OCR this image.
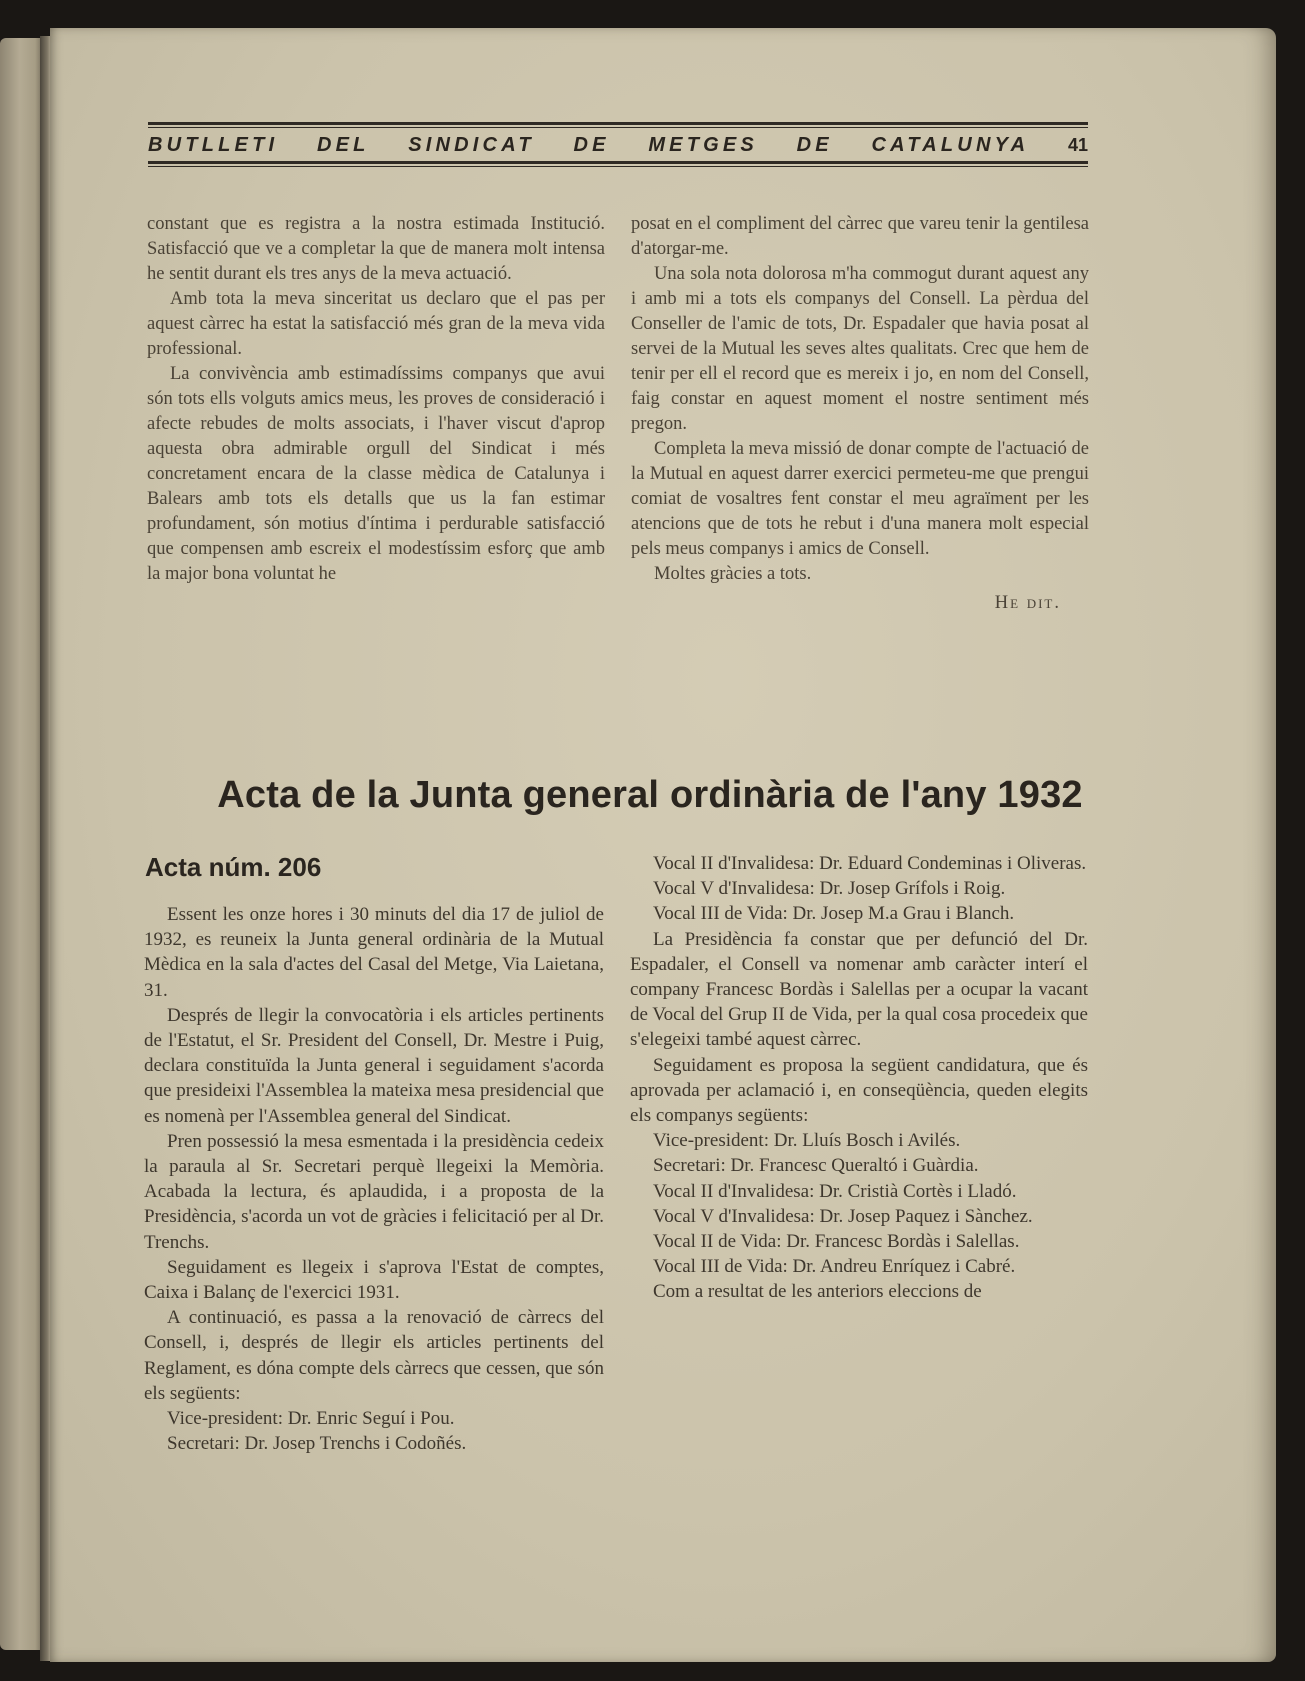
BUTLLETI DEL SINDICAT DE METGES DE CATALUNYA 41

constant que es registra a la nostra estimada Institució. Satisfacció que ve a completar la que de manera molt intensa he sentit durant els tres anys de la meva actuació.

Amb tota la meva sinceritat us declaro que el pas per aquest càrrec ha estat la satisfacció més gran de la meva vida professional.

La convivència amb estimadíssims companys que avui són tots ells volguts amics meus, les proves de consideració i afecte rebudes de molts associats, i l'haver viscut d'aprop aquesta obra admirable orgull del Sindicat i més concretament encara de la classe mèdica de Catalunya i Balears amb tots els detalls que us la fan estimar profundament, són motius d'íntima i perdurable satisfacció que compensen amb escreix el modestíssim esforç que amb la major bona voluntat he

posat en el compliment del càrrec que vareu tenir la gentilesa d'atorgar-me.

Una sola nota dolorosa m'ha commogut durant aquest any i amb mi a tots els companys del Consell. La pèrdua del Conseller de l'amic de tots, Dr. Espadaler que havia posat al servei de la Mutual les seves altes qualitats. Crec que hem de tenir per ell el record que es mereix i jo, en nom del Consell, faig constar en aquest moment el nostre sentiment més pregon.

Completa la meva missió de donar compte de l'actuació de la Mutual en aquest darrer exercici permeteu-me que prengui comiat de vosaltres fent constar el meu agraïment per les atencions que de tots he rebut i d'una manera molt especial pels meus companys i amics de Consell.

Moltes gràcies a tots.

He dit.
Acta de la Junta general ordinària de l'any 1932
Acta núm. 206

Essent les onze hores i 30 minuts del dia 17 de juliol de 1932, es reuneix la Junta general ordinària de la Mutual Mèdica en la sala d'actes del Casal del Metge, Via Laietana, 31.

Després de llegir la convocatòria i els articles pertinents de l'Estatut, el Sr. President del Consell, Dr. Mestre i Puig, declara constituïda la Junta general i seguidament s'acorda que presideixi l'Assemblea la mateixa mesa presidencial que es nomenà per l'Assemblea general del Sindicat.

Pren possessió la mesa esmentada i la presidència cedeix la paraula al Sr. Secretari perquè llegeixi la Memòria. Acabada la lectura, és aplaudida, i a proposta de la Presidència, s'acorda un vot de gràcies i felicitació per al Dr. Trenchs.

Seguidament es llegeix i s'aprova l'Estat de comptes, Caixa i Balanç de l'exercici 1931.

A continuació, es passa a la renovació de càrrecs del Consell, i, després de llegir els articles pertinents del Reglament, es dóna compte dels càrrecs que cessen, que són els següents:

Vice-president: Dr. Enric Seguí i Pou.

Secretari: Dr. Josep Trenchs i Codoñés.

Vocal II d'Invalidesa: Dr. Eduard Condeminas i Oliveras.

Vocal V d'Invalidesa: Dr. Josep Grífols i Roig.

Vocal III de Vida: Dr. Josep M.a Grau i Blanch.

La Presidència fa constar que per defunció del Dr. Espadaler, el Consell va nomenar amb caràcter interí el company Francesc Bordàs i Salellas per a ocupar la vacant de Vocal del Grup II de Vida, per la qual cosa procedeix que s'elegeixi també aquest càrrec.

Seguidament es proposa la següent candidatura, que és aprovada per aclamació i, en conseqüència, queden elegits els companys següents:

Vice-president: Dr. Lluís Bosch i Avilés.

Secretari: Dr. Francesc Queraltó i Guàrdia.

Vocal II d'Invalidesa: Dr. Cristià Cortès i Lladó.

Vocal V d'Invalidesa: Dr. Josep Paquez i Sànchez.

Vocal II de Vida: Dr. Francesc Bordàs i Salellas.

Vocal III de Vida: Dr. Andreu Enríquez i Cabré.

Com a resultat de les anteriors eleccions de
